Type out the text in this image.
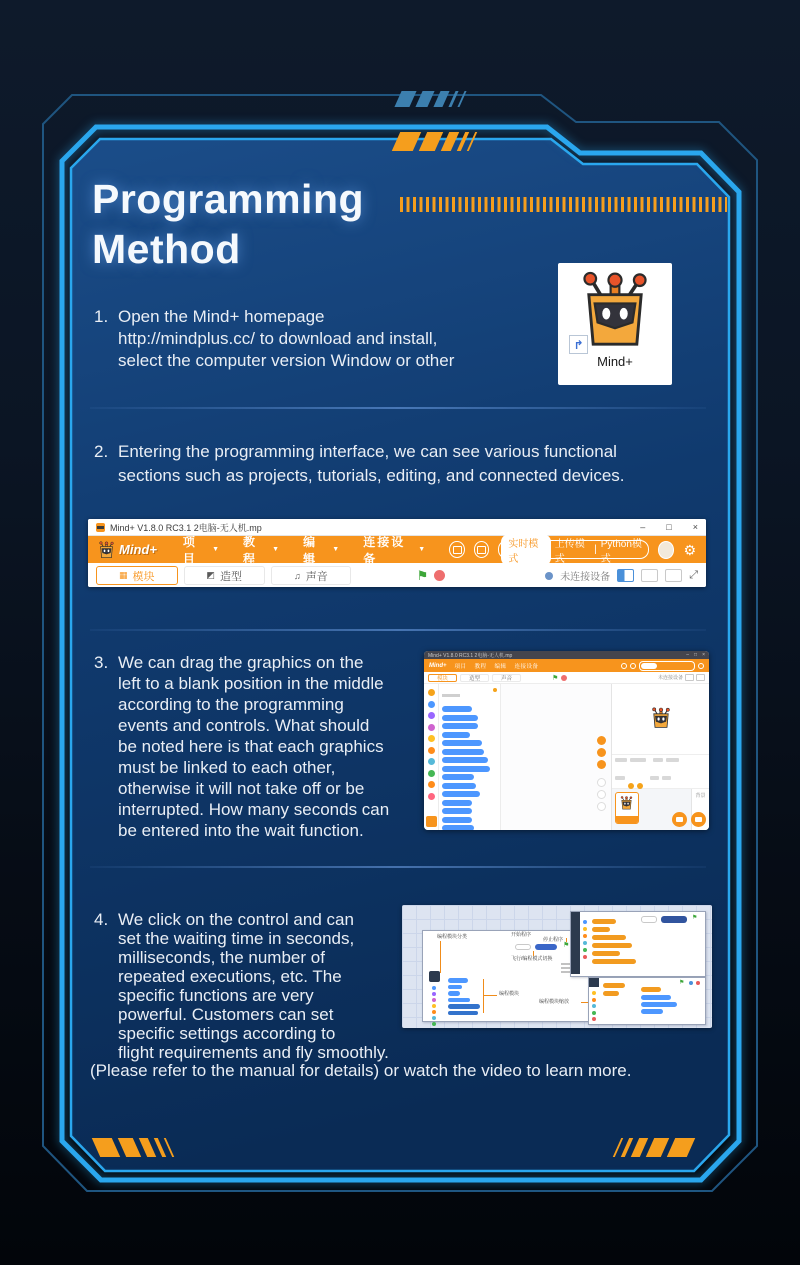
Programming
Method
1. Open the Mind+ homepage
http://mindplus.cc/ to download and install,
select the computer version Window or other
↱
Mind+
2. Entering the programming interface, we can see various functional
sections such as projects, tutorials, editing, and connected devices.
Mind+ V1.8.0 RC3.1 2电脑-无人机.mp	– □ ×
Mind+
项目
▼
教程
▼
编辑
▼
连接设备
▼	实时模式
上传模式
| Python模式
⚙
▦ 模块	◩ 造型	♫ 声音	⚑	未连接设备	⤢
3. We can drag the graphics on the
left to a blank position in the middle
according to the programming
events and controls. What should
be noted here is that each graphics
must be linked to each other,
otherwise it will not take off or be
interrupted. How many seconds can
be entered into the wait function.
Mind+ V1.8.0 RC3.1 2电脑-无人机.mp	– □ ×
Mind+ 项目 教程 编辑 连接设备
模块	造型	声音	⚑	未连接设备

背景
4. We click on the control and can
set the waiting time in seconds,
milliseconds, the number of
repeated executions, etc. The
specific functions are very
powerful. Customers can set
specific settings according to
flight requirements and fly smoothly.
(Please refer to the manual for details) or watch the video to learn more.
编程模块分类
编程模块
⚑
开始程序
停止程序
飞行/编程模式切换
编程模块缩放
⚑
⚑
